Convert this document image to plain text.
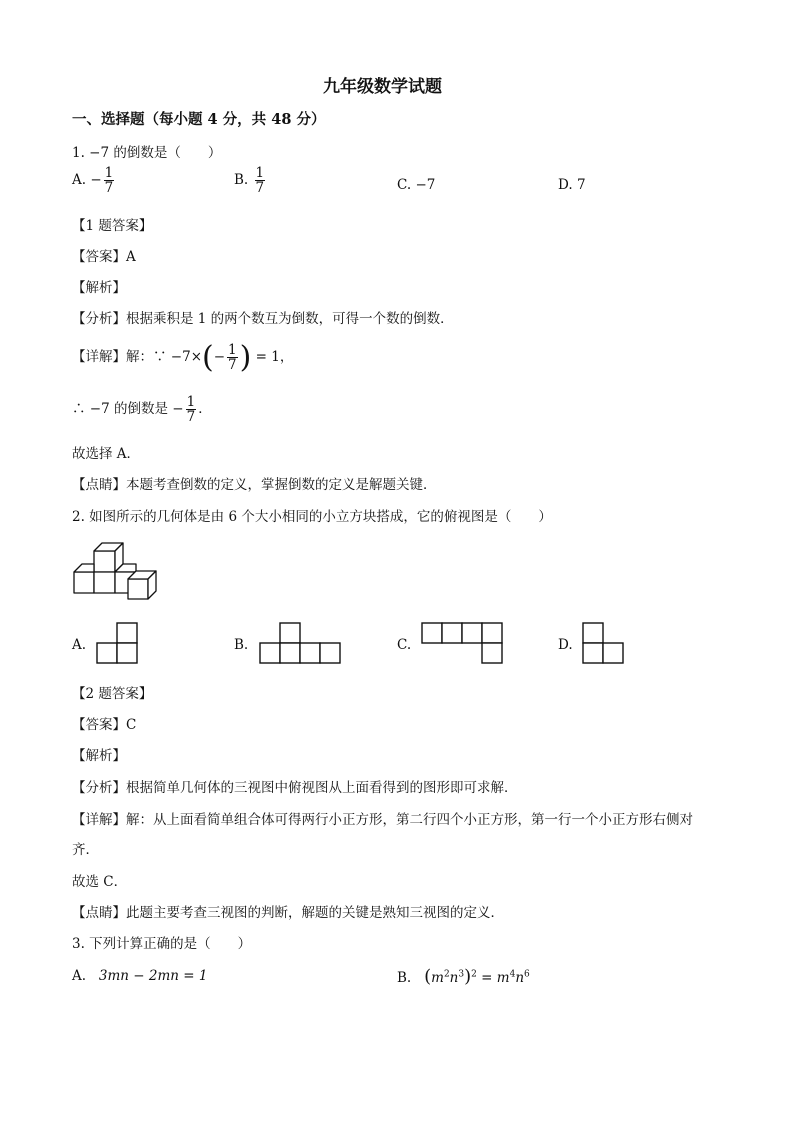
九年级数学试题
一、选择题（每小题 4 分，共 48 分）
1. −7 的倒数是（　　）
A. − $\frac{1}{7}$	B. $\frac{1}{7}$	C. −7	D. 7
【1 题答案】
【答案】A
【解析】
【分析】根据乘积是 1 的两个数互为倒数，可得一个数的倒数．
【详解】解：∵ $-7\times(- \frac{1}{7}$ ) = 1，
∴ −7 的倒数是 − $\frac{1}{7}$ ．
故选择 A．
【点睛】本题考查倒数的定义，掌握倒数的定义是解题关键．
2. 如图所示的几何体是由 6 个大小相同的小立方块搭成，它的俯视图是（　　）
A.	B.	C.	D.
【2 题答案】
【答案】C
【解析】
【分析】根据简单几何体的三视图中俯视图从上面看得到的图形即可求解．
【详解】解：从上面看简单组合体可得两行小正方形，第二行四个小正方形，第一行一个小正方形右侧对
齐．
故选 C．
【点睛】此题主要考查三视图的判断，解题的关键是熟知三视图的定义．
3. 下列计算正确的是（　　）
A. 3mn − 2mn = 1	B. $(m^2n^3)^2 = m^4n^6$
